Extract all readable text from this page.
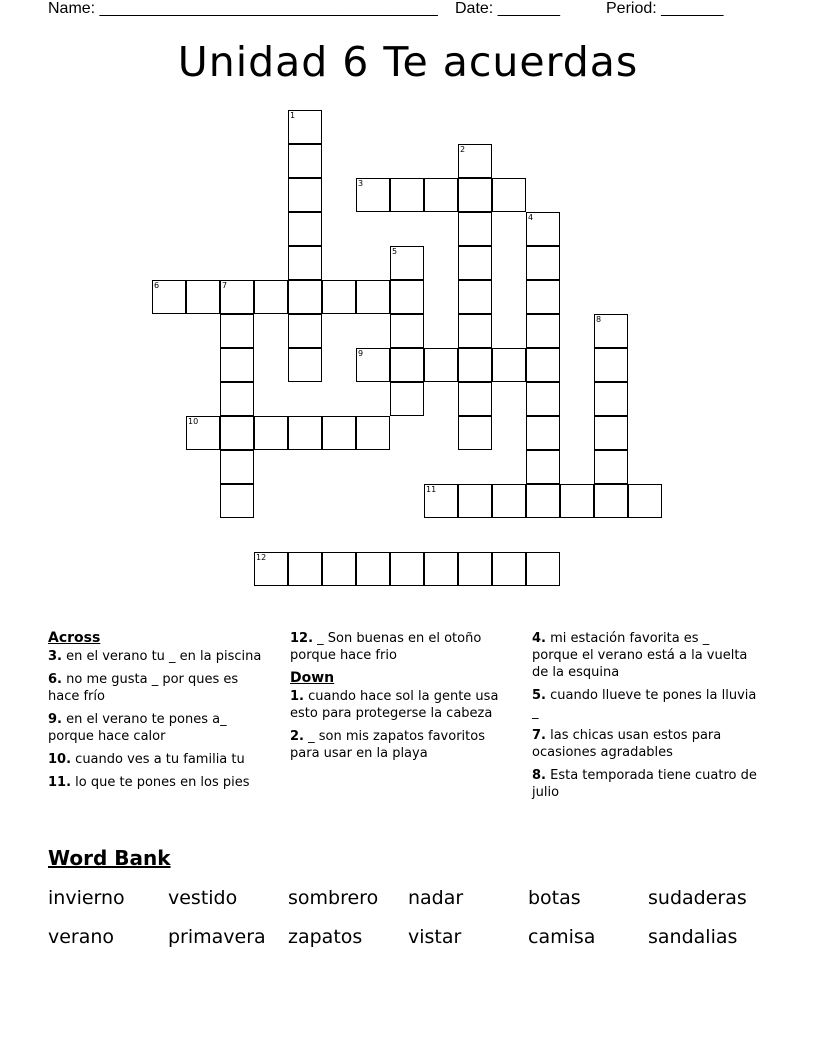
Name: ______________________________________ Date: _______	Period: _______
Unidad 6 Te acuerdas
1
2
3
4
5
6	7
8
9
10
11
12
Across
3. en el verano tu _ en la piscina
6. no me gusta _ por ques es hace frío
9. en el verano te pones a_ porque hace calor
10. cuando ves a tu familia tu
11. lo que te pones en los pies
12. _ Son buenas en el otoño porque hace frio
Down
1. cuando hace sol la gente usa esto para protegerse la cabeza
2. _ son mis zapatos favoritos para usar en la playa
4. mi estación favorita es _ porque el verano está a la vuelta de la esquina
5. cuando llueve te pones la lluvia _
7. las chicas usan estos para ocasiones agradables
8. Esta temporada tiene cuatro de julio
Word Bank
invierno vestido	sombrero nadar	botas	sudaderas
verano	primavera zapatos vistar	camisa	sandalias
